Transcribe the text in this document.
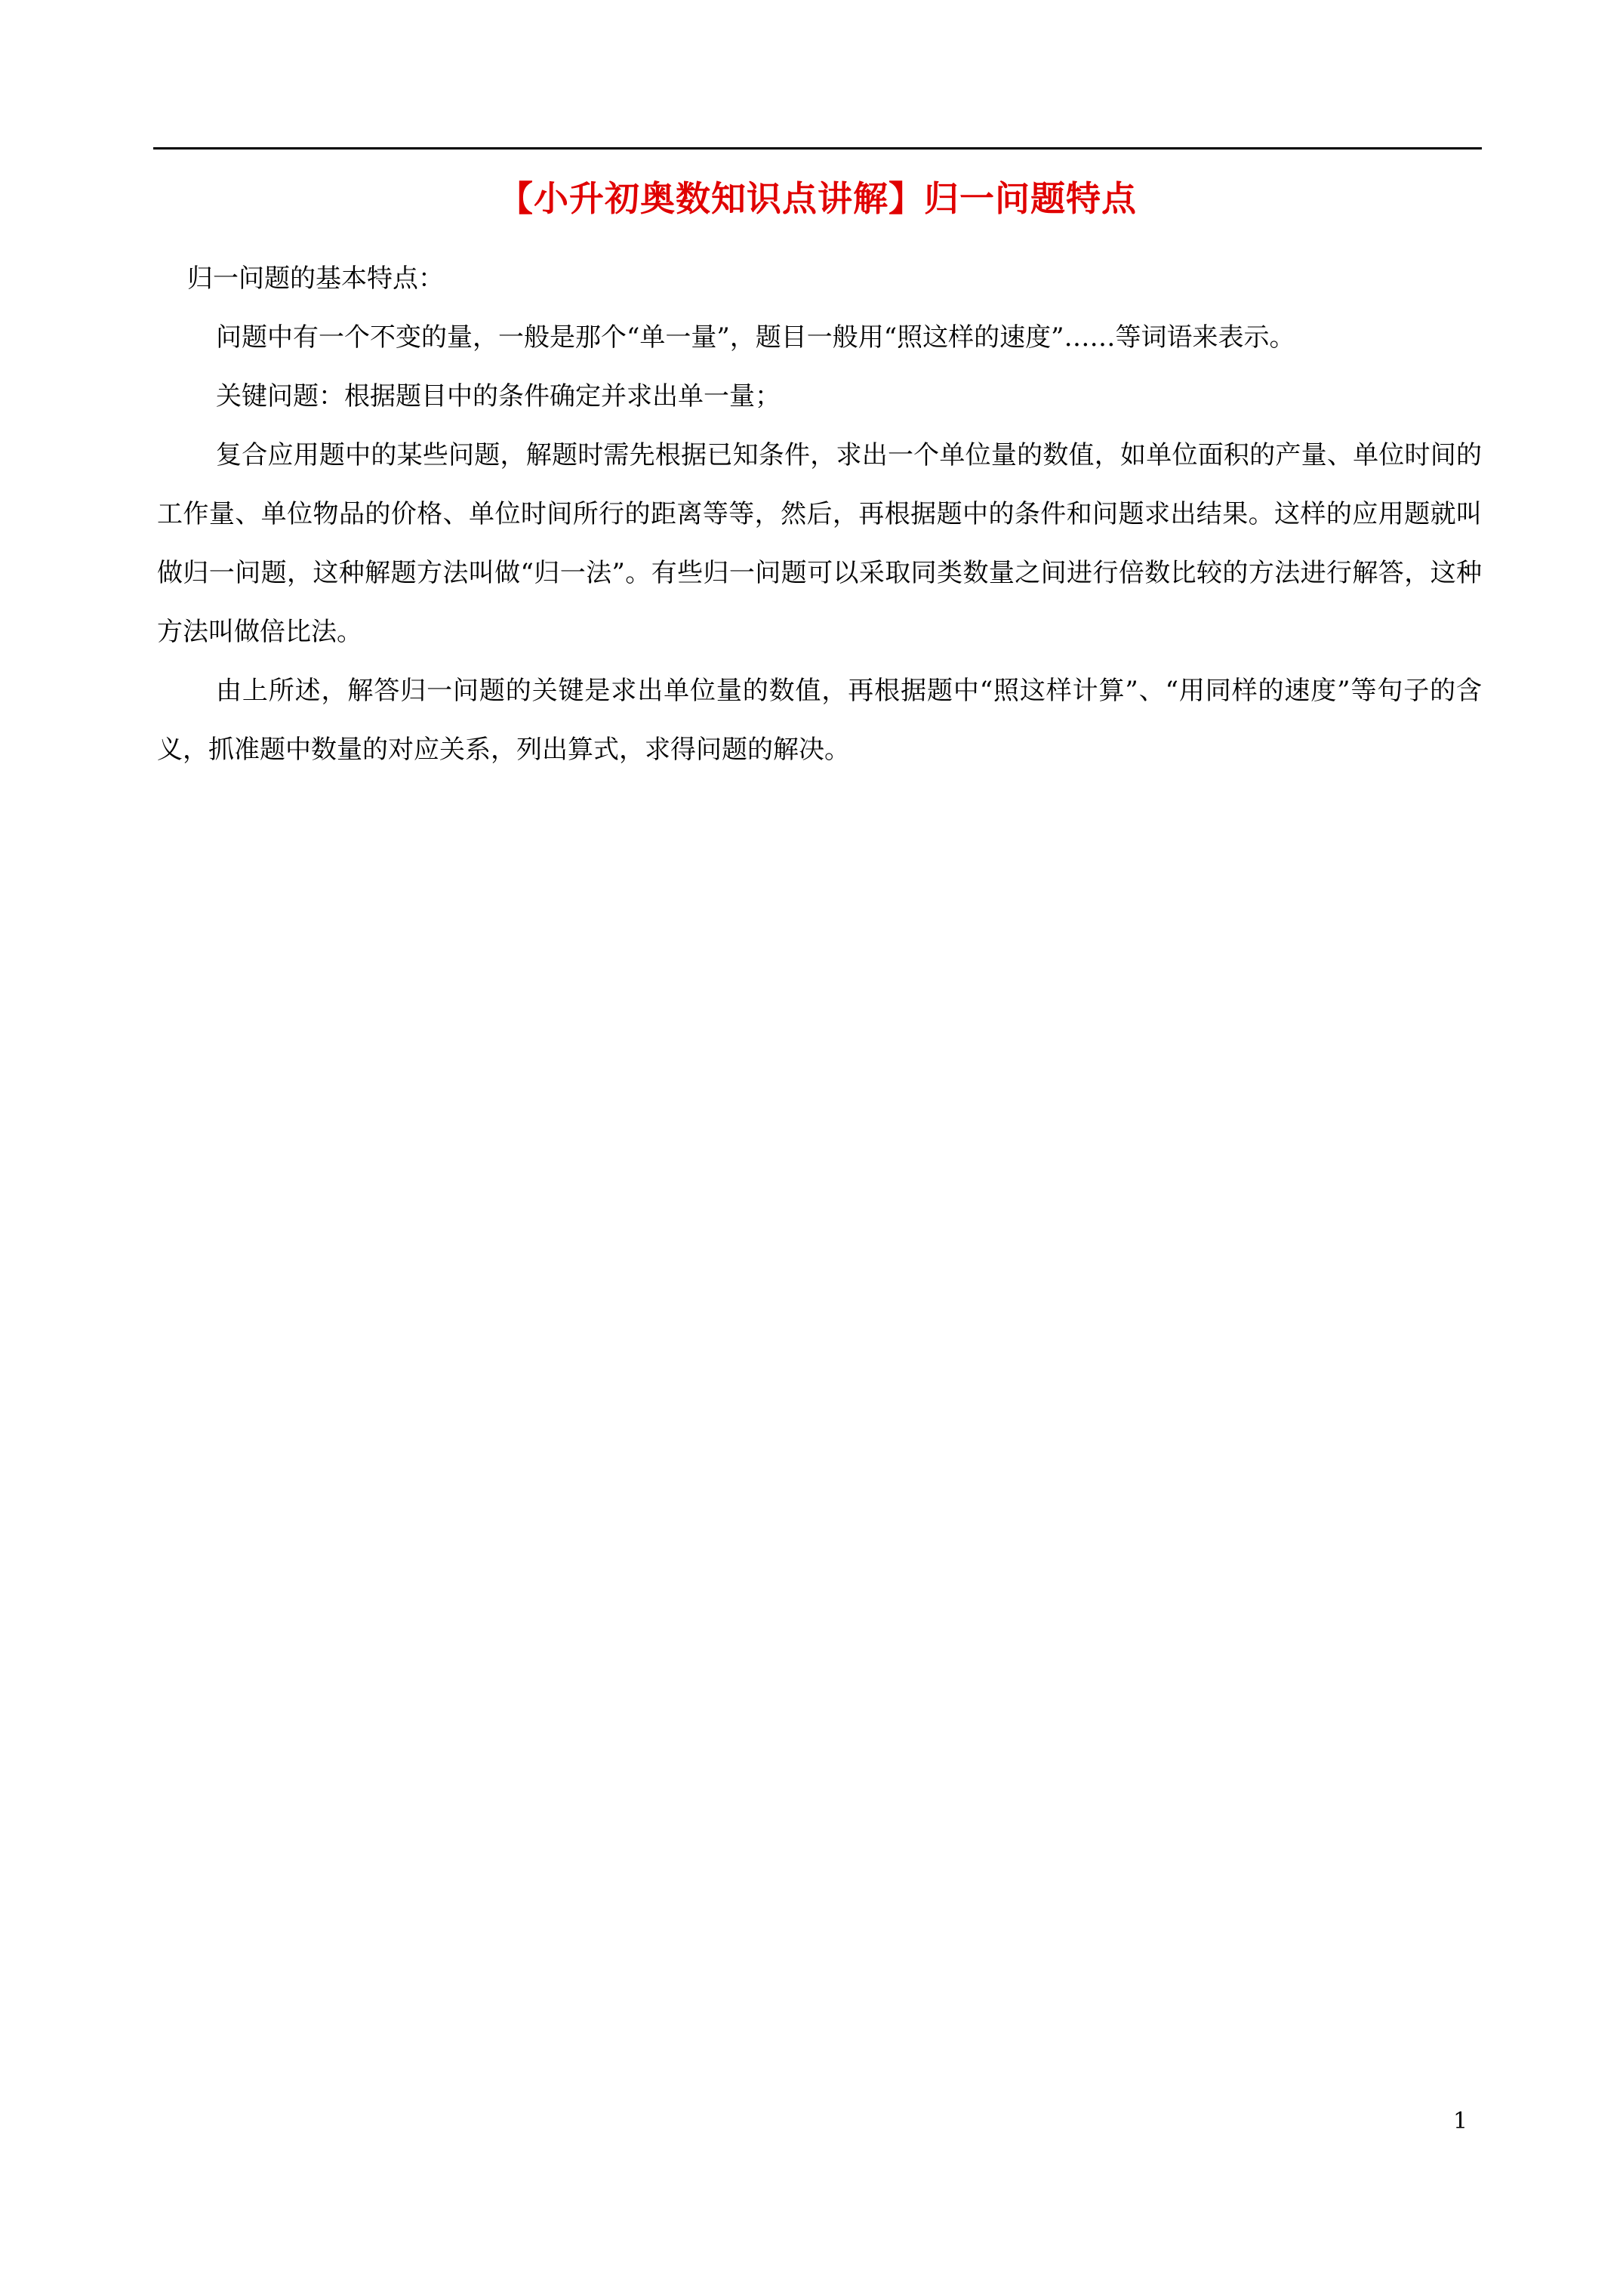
【小升初奥数知识点讲解】归一问题特点

归一问题的基本特点：

问题中有一个不变的量，一般是那个“单一量”，题目一般用“照这样的速度”……等词语来表示。

关键问题：根据题目中的条件确定并求出单一量；

复合应用题中的某些问题，解题时需先根据已知条件，求出一个单位量的数值，如单位面积的产量、单位时间的工作量、单位物品的价格、单位时间所行的距离等等，然后，再根据题中的条件和问题求出结果。这样的应用题就叫做归一问题，这种解题方法叫做“归一法”。有些归一问题可以采取同类数量之间进行倍数比较的方法进行解答，这种方法叫做倍比法。

由上所述，解答归一问题的关键是求出单位量的数值，再根据题中“照这样计算”、“用同样的速度”等句子的含义，抓准题中数量的对应关系，列出算式，求得问题的解决。

1
